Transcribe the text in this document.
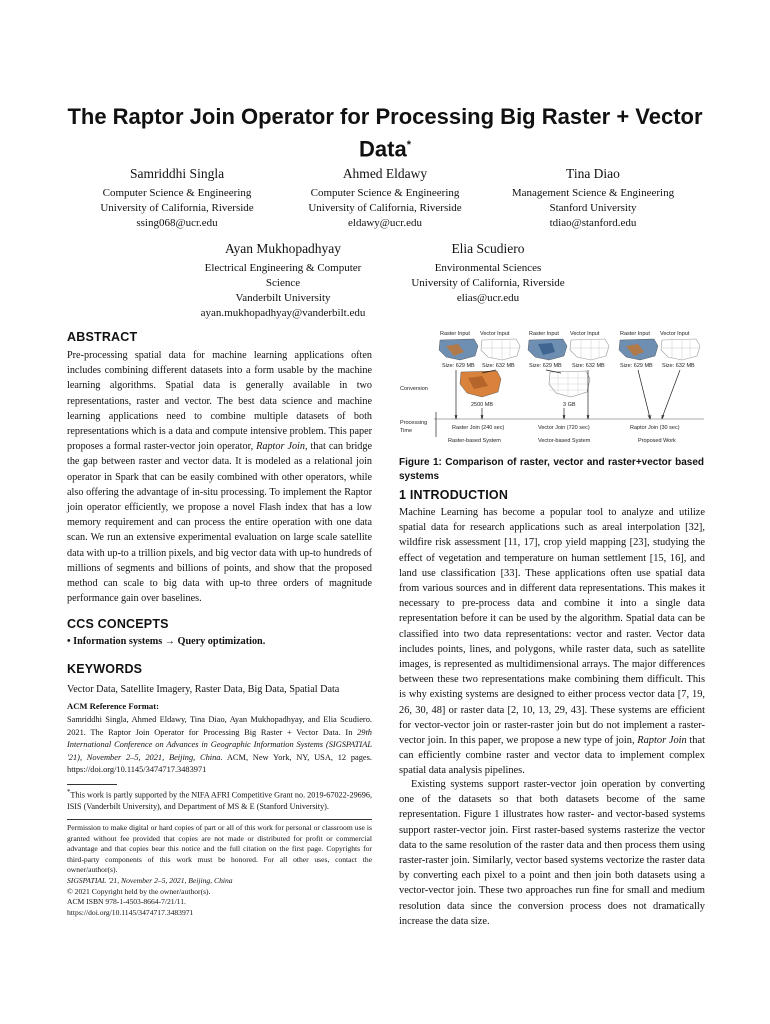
The Raptor Join Operator for Processing Big Raster + Vector Data*
Samriddhi Singla
Computer Science & Engineering
University of California, Riverside
ssing068@ucr.edu
Ahmed Eldawy
Computer Science & Engineering
University of California, Riverside
eldawy@ucr.edu
Tina Diao
Management Science & Engineering
Stanford University
tdiao@stanford.edu
Ayan Mukhopadhyay
Electrical Engineering & Computer
Science
Vanderbilt University
ayan.mukhopadhyay@vanderbilt.edu
Elia Scudiero
Environmental Sciences
University of California, Riverside
elias@ucr.edu
ABSTRACT
Pre-processing spatial data for machine learning applications often includes combining different datasets into a form usable by the machine learning algorithms. Spatial data is generally available in two representations, raster and vector. The best data science and machine learning applications need to combine multiple datasets of both representations which is a data and compute intensive problem. This paper proposes a formal raster-vector join operator, Raptor Join, that can bridge the gap between raster and vector data. It is modeled as a relational join operator in Spark that can be easily combined with other operators, while also offering the advantage of in-situ processing. To implement the Raptor join operator efficiently, we propose a novel Flash index that has a low memory requirement and can process the entire operation with one data scan. We run an extensive experimental evaluation on large scale satellite data with up-to a trillion pixels, and big vector data with up-to hundreds of millions of segments and billions of points, and show that the proposed method can scale to big data with up-to three orders of magnitude performance gain over baselines.
CCS CONCEPTS
• Information systems → Query optimization.
KEYWORDS
Vector Data, Satellite Imagery, Raster Data, Big Data, Spatial Data
ACM Reference Format:
Samriddhi Singla, Ahmed Eldawy, Tina Diao, Ayan Mukhopadhyay, and Elia Scudiero. 2021. The Raptor Join Operator for Processing Big Raster + Vector Data. In 29th International Conference on Advances in Geographic Information Systems (SIGSPATIAL '21), November 2–5, 2021, Beijing, China. ACM, New York, NY, USA, 12 pages. https://doi.org/10.1145/3474717.3483971
*This work is partly supported by the NIFA AFRI Competitive Grant no. 2019-67022-29696, ISIS (Vanderbilt University), and Department of MS & E (Stanford University).
Permission to make digital or hard copies of part or all of this work for personal or classroom use is granted without fee provided that copies are not made or distributed for profit or commercial advantage and that copies bear this notice and the full citation on the first page. Copyrights for third-party components of this work must be honored. For all other uses, contact the owner/author(s).
SIGSPATIAL '21, November 2–5, 2021, Beijing, China
© 2021 Copyright held by the owner/author(s).
ACM ISBN 978-1-4503-8664-7/21/11.
https://doi.org/10.1145/3474717.3483971
Raster Input Vector Input	Raster Input Vector Input	Raster Input Vector Input
Size: 629 MB Size: 632 MB	Size: 629 MB Size: 632 MB	Size: 629 MB Size: 632 MB
Conversion
Processing
Time
2500 MB	3 GB
Raster Join (240 sec)	Vector Join (720 sec)	Raptor Join (30 sec)
Raster-based System	Vector-based System	Proposed Work
Figure 1: Comparison of raster, vector and raster+vector based systems
1 INTRODUCTION
Machine Learning has become a popular tool to analyze and utilize spatial data for research applications such as areal interpolation [32], wildfire risk assessment [11, 17], crop yield mapping [23], studying the effect of vegetation and temperature on human settlement [15, 16], and land use classification [33]. These applications often use spatial data from various sources and in different data representations. This makes it necessary to pre-process data and combine it into a single data representation before it can be used by the algorithm. Spatial data can be classified into two data representations: vector and raster. Vector data includes points, lines, and polygons, while raster data, such as satellite images, is represented as multidimensional arrays. The major differences between these two representations make combining them difficult. This is why existing systems are designed to either process vector data [7, 19, 26, 30, 48] or raster data [2, 10, 13, 29, 43]. These systems are efficient for vector-vector join or raster-raster join but do not implement a raster-vector join. In this paper, we propose a new type of join, Raptor Join that can efficiently combine raster and vector data to implement complex spatial data analysis pipelines.
Existing systems support raster-vector join operation by converting one of the datasets so that both datasets become of the same representation. Figure 1 illustrates how raster- and vector-based systems support raster-vector join. First raster-based systems rasterize the vector data to the same resolution of the raster data and then process them using raster-raster join. Similarly, vector based systems vectorize the raster data by converting each pixel to a point and then join both datasets using a vector-vector join. These two approaches run fine for small and medium resolution data since the conversion process does not dramatically increase the data size.
